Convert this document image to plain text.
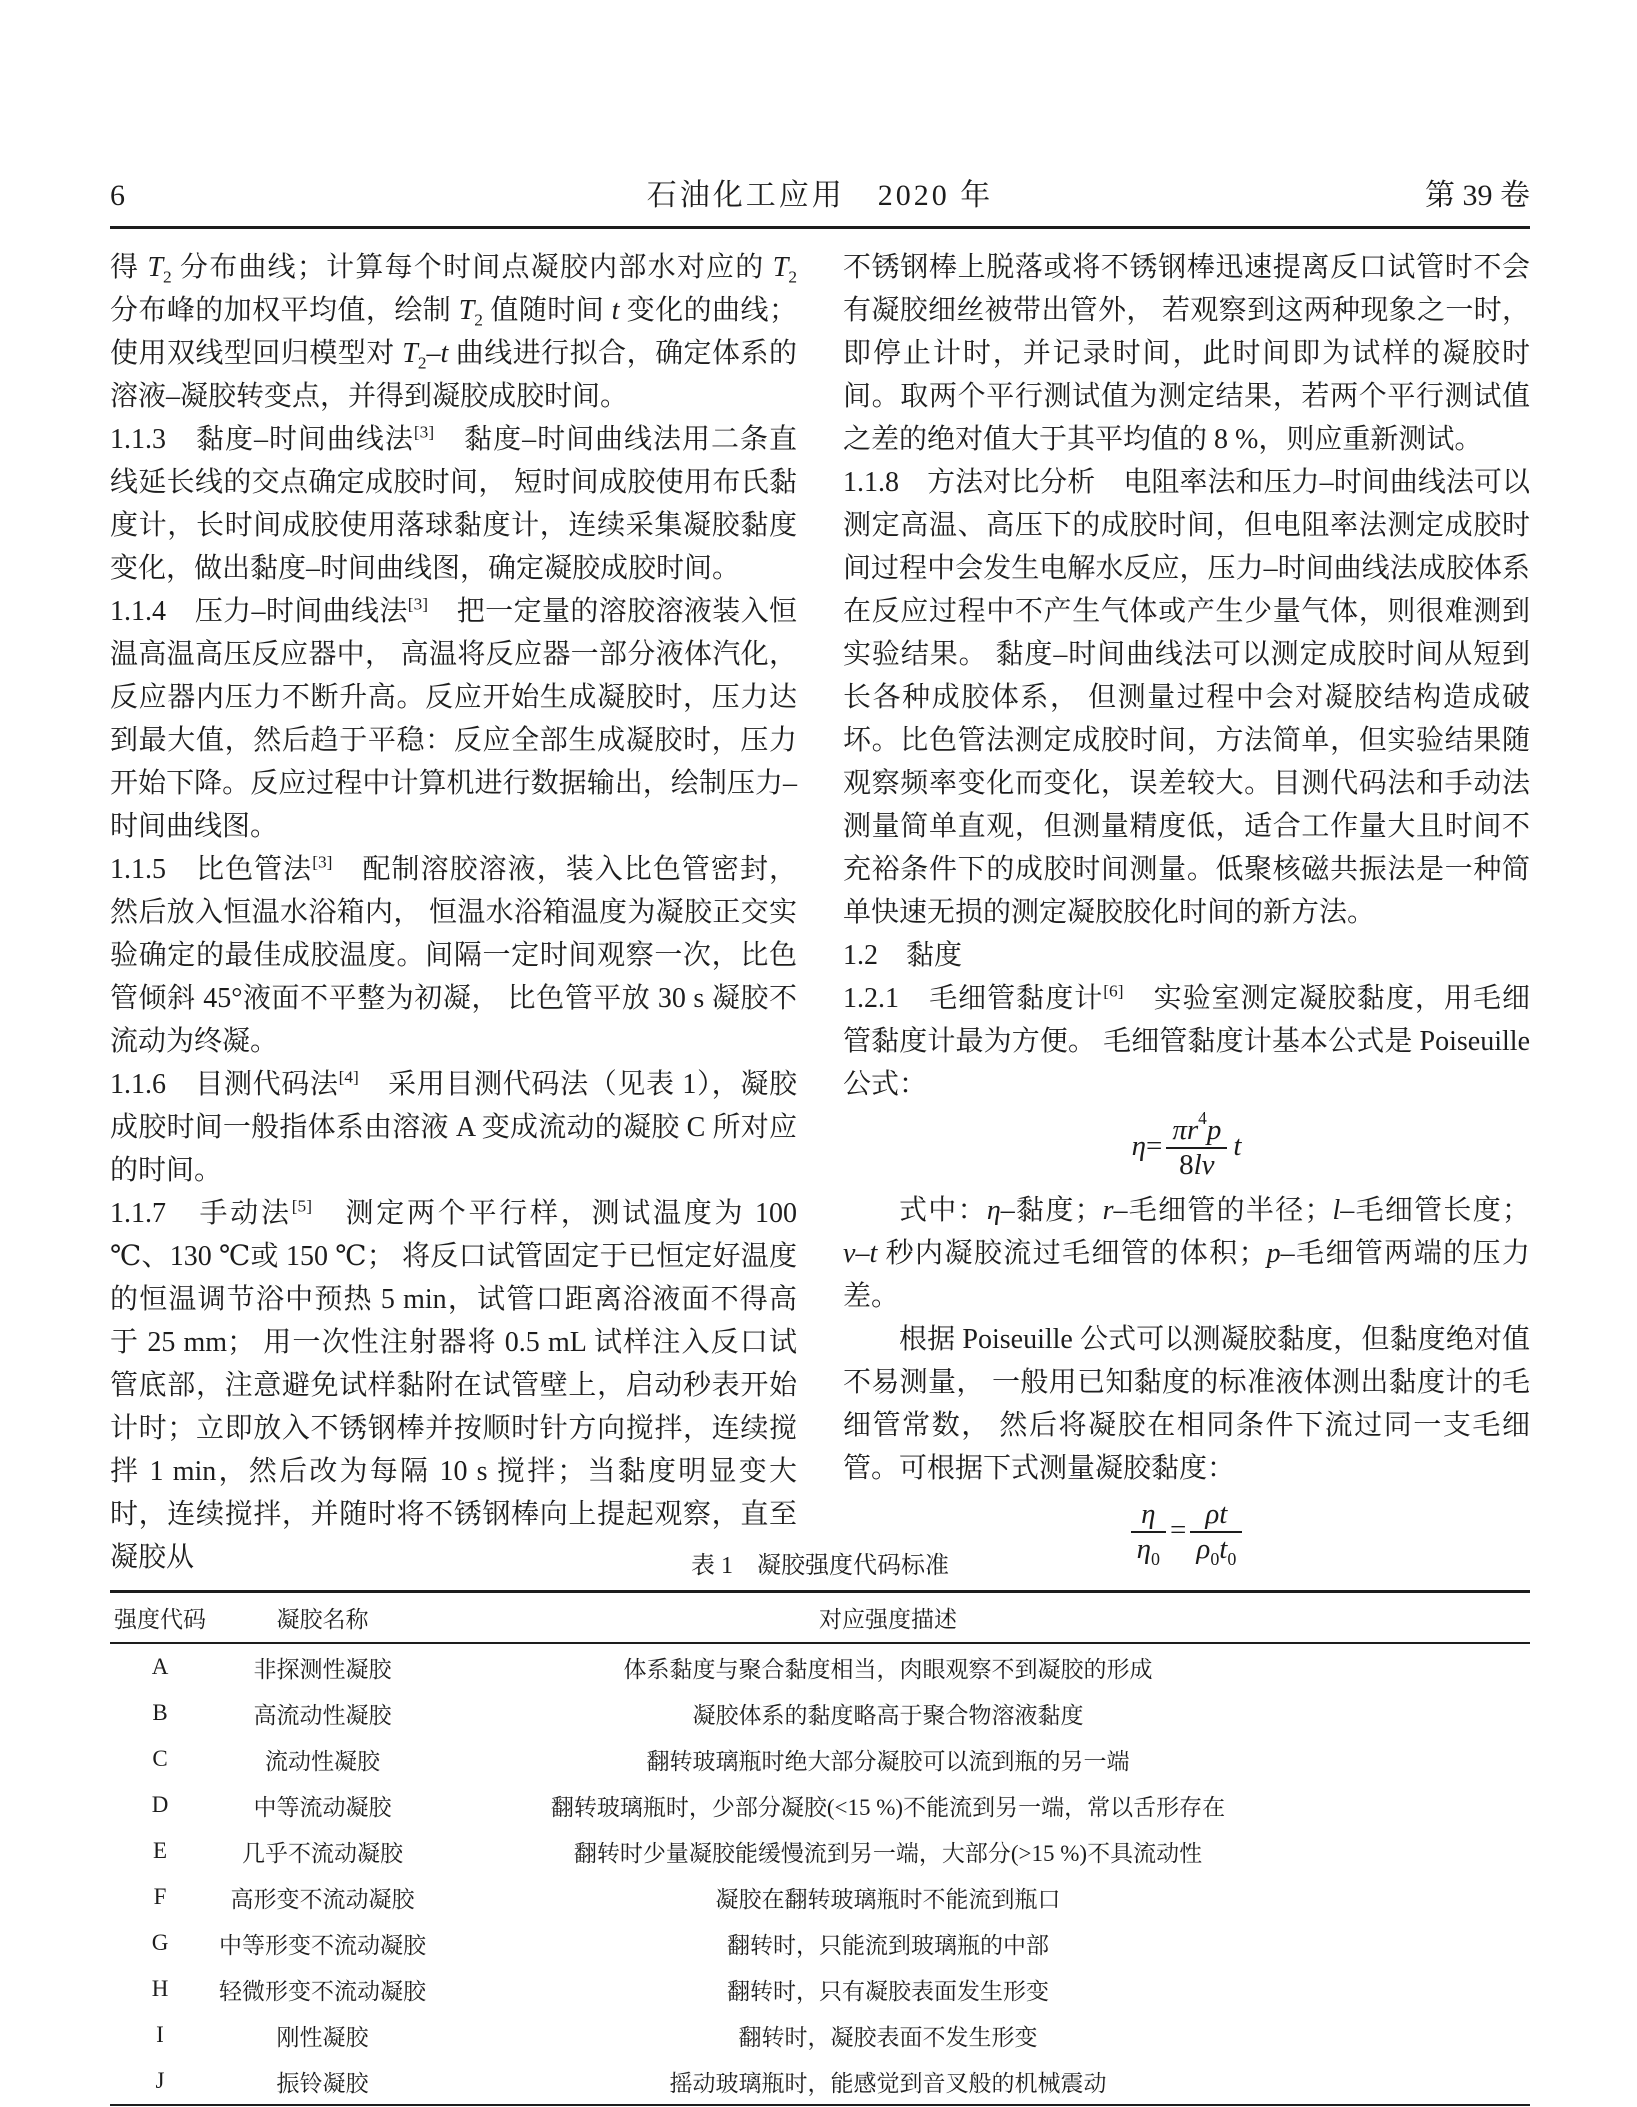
6	石油化工应用　2020 年	第 39 卷

得 $T_2$ 分布曲线；计算每个时间点凝胶内部水对应的 $T_2$ 分布峰的加权平均值，绘制 $T_2$ 值随时间 t 变化的曲线；使用双线型回归模型对 $T_2-t$ 曲线进行拟合，确定体系的溶液–凝胶转变点，并得到凝胶成胶时间。

1.1.3　黏度–时间曲线法[3]　黏度–时间曲线法用二条直线延长线的交点确定成胶时间， 短时间成胶使用布氏黏度计，长时间成胶使用落球黏度计，连续采集凝胶黏度变化，做出黏度–时间曲线图，确定凝胶成胶时间。

1.1.4　压力–时间曲线法[3]　把一定量的溶胶溶液装入恒温高温高压反应器中， 高温将反应器一部分液体汽化，反应器内压力不断升高。反应开始生成凝胶时，压力达到最大值，然后趋于平稳：反应全部生成凝胶时，压力开始下降。反应过程中计算机进行数据输出，绘制压力–时间曲线图。

1.1.5　比色管法[3]　配制溶胶溶液，装入比色管密封，然后放入恒温水浴箱内， 恒温水浴箱温度为凝胶正交实验确定的最佳成胶温度。间隔一定时间观察一次，比色管倾斜 45°液面不平整为初凝， 比色管平放 30 s 凝胶不流动为终凝。

1.1.6　目测代码法[4]　采用目测代码法（见表 1），凝胶成胶时间一般指体系由溶液 A 变成流动的凝胶 C 所对应的时间。

1.1.7　手动法[5]　测定两个平行样，测试温度为 100 ℃、130 ℃或 150 ℃； 将反口试管固定于已恒定好温度的恒温调节浴中预热 5 min，试管口距离浴液面不得高于 25 mm； 用一次性注射器将 0.5 mL 试样注入反口试管底部，注意避免试样黏附在试管壁上，启动秒表开始计时；立即放入不锈钢棒并按顺时针方向搅拌，连续搅拌 1 min，然后改为每隔 10 s 搅拌；当黏度明显变大时，连续搅拌，并随时将不锈钢棒向上提起观察，直至凝胶从

不锈钢棒上脱落或将不锈钢棒迅速提离反口试管时不会有凝胶细丝被带出管外， 若观察到这两种现象之一时，即停止计时，并记录时间，此时间即为试样的凝胶时间。取两个平行测试值为测定结果，若两个平行测试值之差的绝对值大于其平均值的 8 %，则应重新测试。

1.1.8　方法对比分析　电阻率法和压力–时间曲线法可以测定高温、高压下的成胶时间，但电阻率法测定成胶时间过程中会发生电解水反应，压力–时间曲线法成胶体系在反应过程中不产生气体或产生少量气体，则很难测到实验结果。 黏度–时间曲线法可以测定成胶时间从短到长各种成胶体系， 但测量过程中会对凝胶结构造成破坏。比色管法测定成胶时间，方法简单，但实验结果随观察频率变化而变化，误差较大。目测代码法和手动法测量简单直观，但测量精度低，适合工作量大且时间不充裕条件下的成胶时间测量。低聚核磁共振法是一种简单快速无损的测定凝胶胶化时间的新方法。

1.2　黏度

1.2.1　毛细管黏度计[6]　实验室测定凝胶黏度，用毛细管黏度计最为方便。 毛细管黏度计基本公式是 Poiseuille 公式：

$\eta= \frac{\pi r^4p}{8lv}$ t

式中：η–黏度；r–毛细管的半径；l–毛细管长度；v–t 秒内凝胶流过毛细管的体积；p–毛细管两端的压力差。

根据 Poiseuille 公式可以测凝胶黏度，但黏度绝对值不易测量， 一般用已知黏度的标准液体测出黏度计的毛细管常数， 然后将凝胶在相同条件下流过同一支毛细管。可根据下式测量凝胶黏度：

$\frac{\eta}{\eta_0} = \frac{\rho t}{\rho_0t_0}$
表 1　凝胶强度代码标准
强度代码	凝胶名称	对应强度描述
A	非探测性凝胶	体系黏度与聚合黏度相当，肉眼观察不到凝胶的形成
B	高流动性凝胶	凝胶体系的黏度略高于聚合物溶液黏度
C	流动性凝胶	翻转玻璃瓶时绝大部分凝胶可以流到瓶的另一端
D	中等流动凝胶	翻转玻璃瓶时，少部分凝胶(<15 %)不能流到另一端，常以舌形存在
E	几乎不流动凝胶	翻转时少量凝胶能缓慢流到另一端，大部分(>15 %)不具流动性
F	高形变不流动凝胶	凝胶在翻转玻璃瓶时不能流到瓶口
G	中等形变不流动凝胶	翻转时，只能流到玻璃瓶的中部
H	轻微形变不流动凝胶	翻转时，只有凝胶表面发生形变
I	刚性凝胶	翻转时，凝胶表面不发生形变
J	振铃凝胶	摇动玻璃瓶时，能感觉到音叉般的机械震动
